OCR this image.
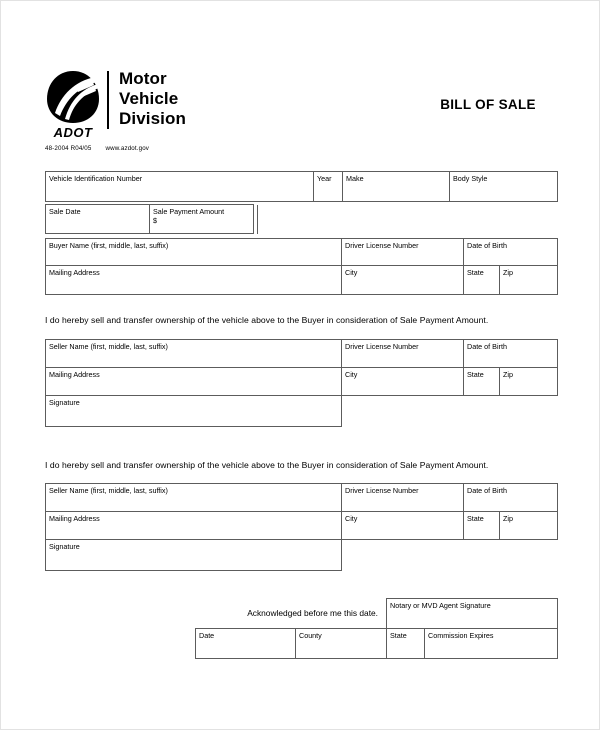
ADOT
Motor
Vehicle
Division
48-2004 R04/05 www.azdot.gov
BILL OF SALE
Vehicle Identification Number	Year	Make	Body Style
Sale Date	Sale Payment Amount
$	
Buyer Name (first, middle, last, suffix)	Driver License Number	Date of Birth	
Mailing Address	City	State	Zip
I do hereby sell and transfer ownership of the vehicle above to the Buyer in consideration of Sale Payment Amount.
Seller Name (first, middle, last, suffix)	Driver License Number	Date of Birth	
Mailing Address	City	State	Zip
Signature			
I do hereby sell and transfer ownership of the vehicle above to the Buyer in consideration of Sale Payment Amount.
Seller Name (first, middle, last, suffix)	Driver License Number	Date of Birth	
Mailing Address	City	State	Zip
Signature			
Acknowledged before me this date.		Notary or MVD Agent Signature	
Date	County	State	Commission Expires
